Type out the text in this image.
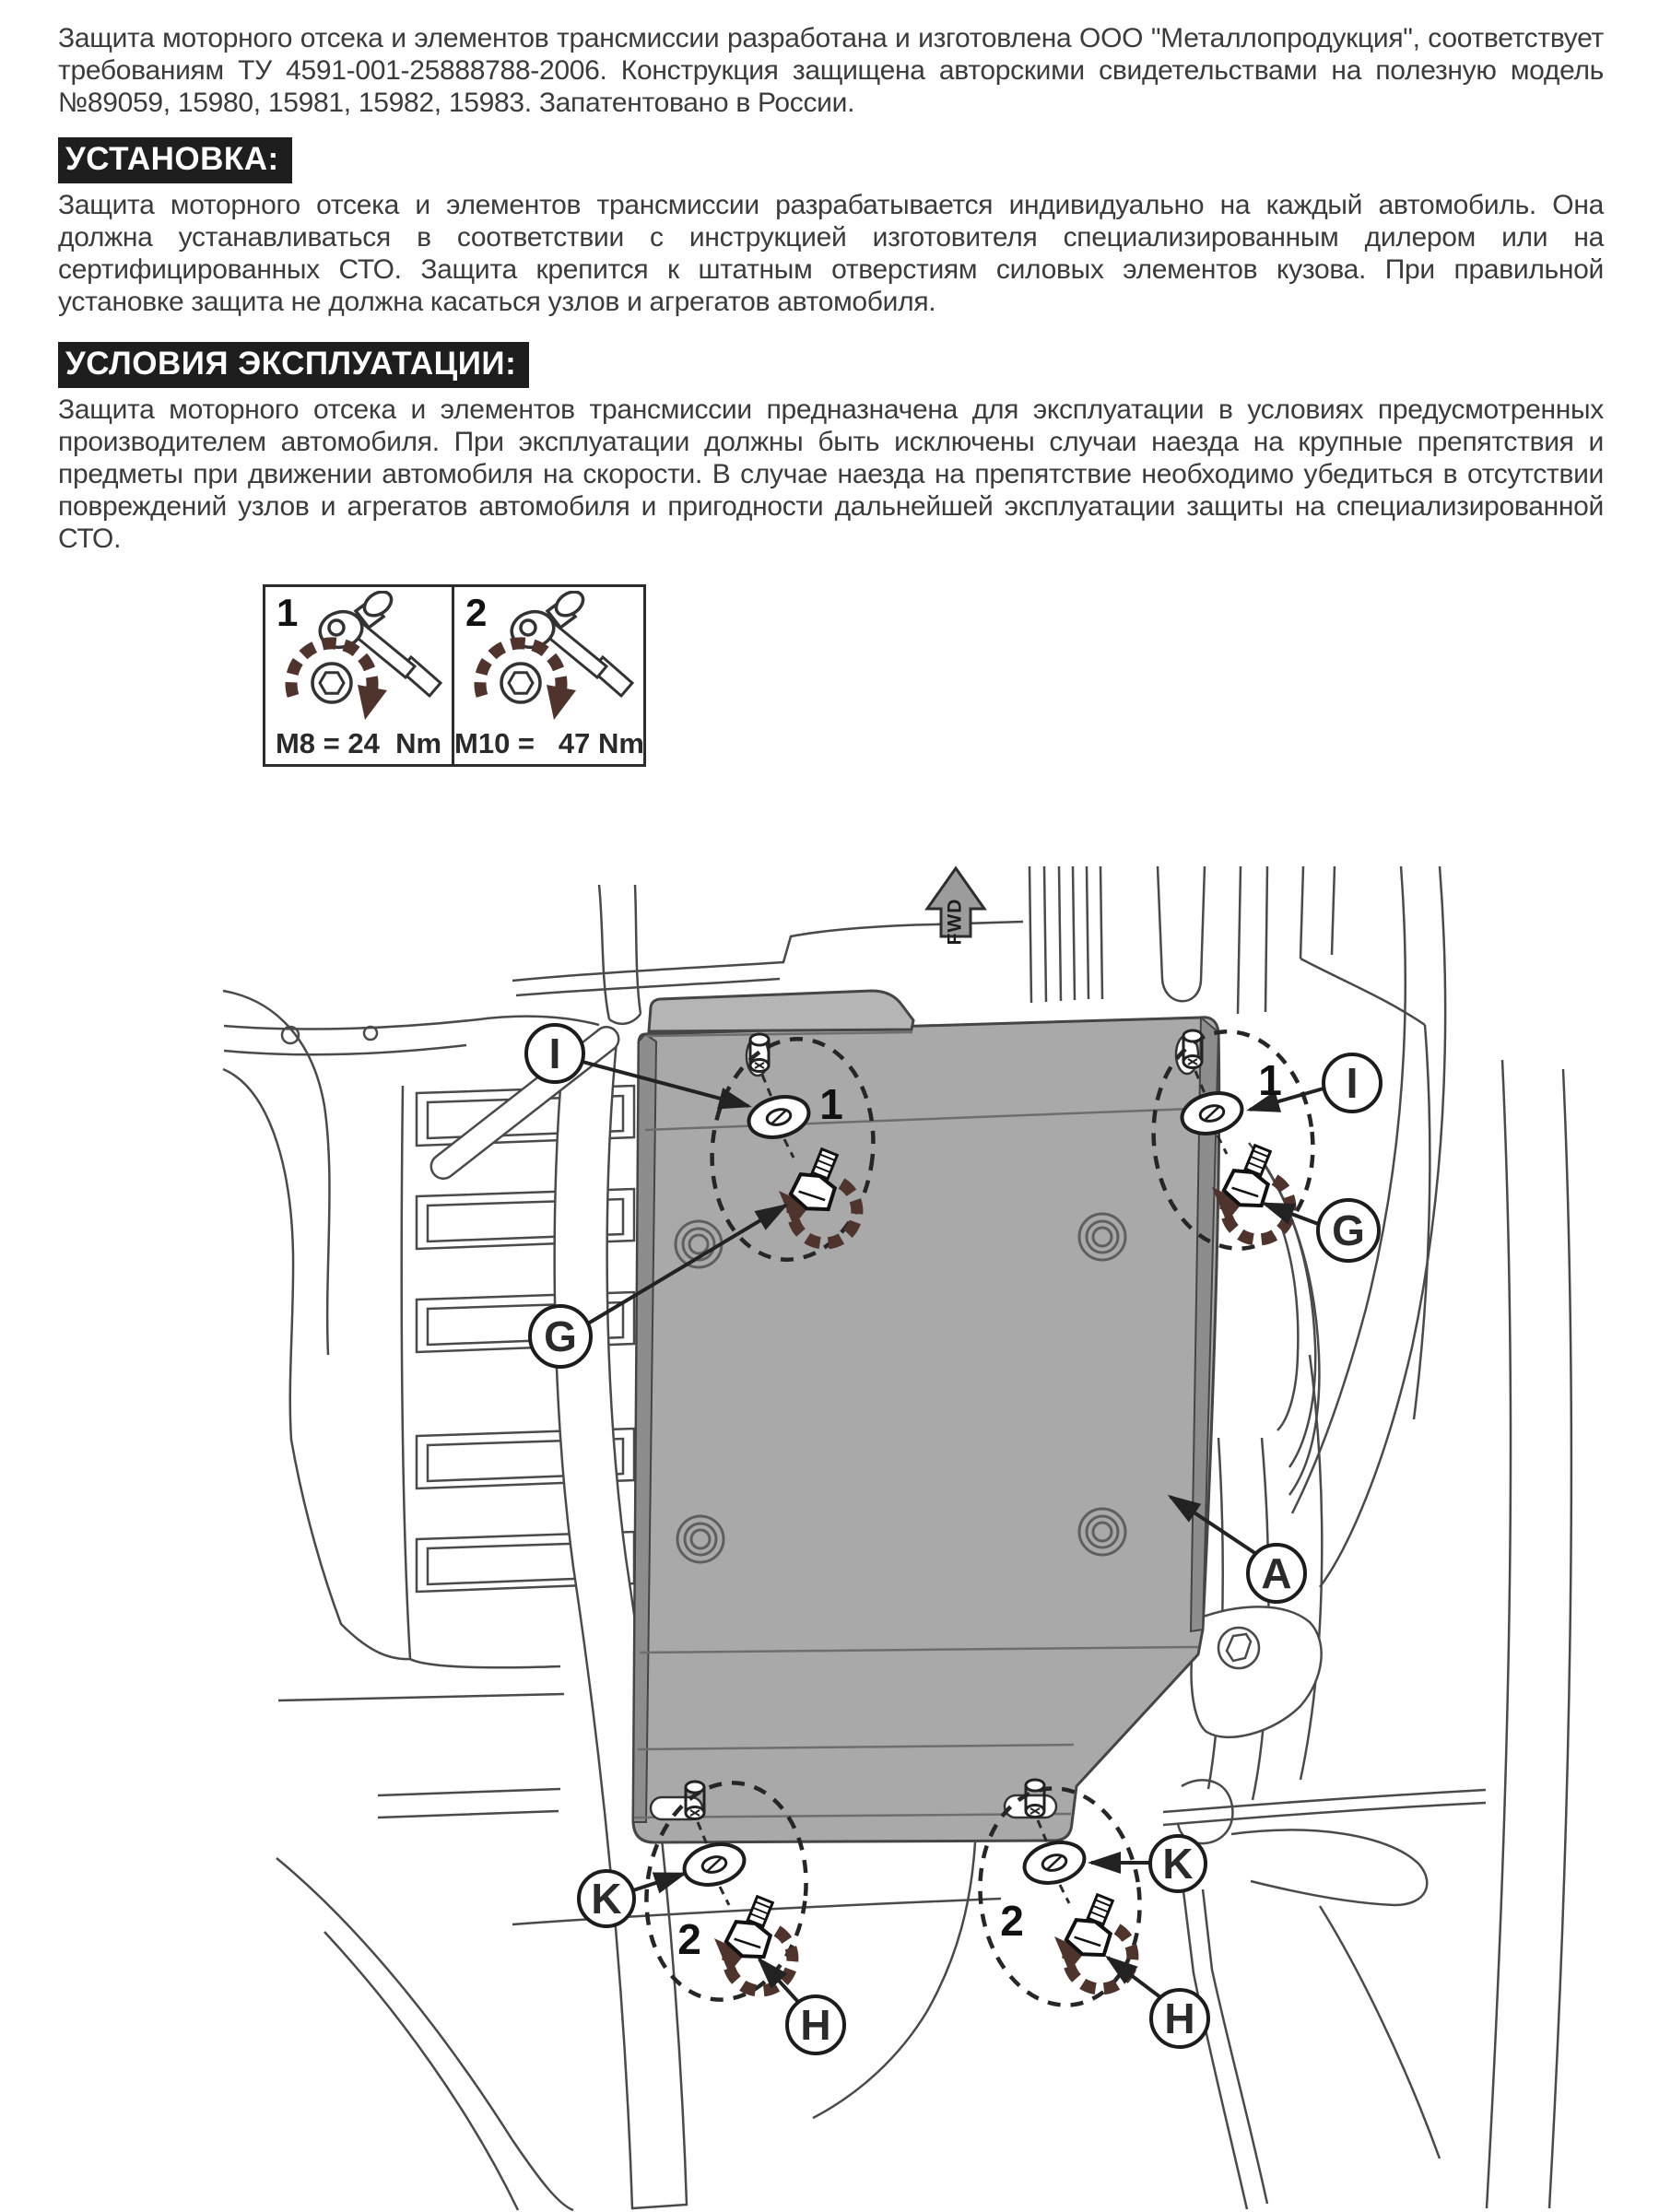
Защита моторного отсека и элементов трансмиссии разработана и изготовлена ООО "Металлопродукция", соответствует требованиям ТУ 4591-001-25888788-2006. Конструкция защищена авторскими свидетельствами на полезную модель №89059, 15980, 15981, 15982, 15983. Запатентовано в России.

УСТАНОВКА:

Защита моторного отсека и элементов трансмиссии разрабатывается индивидуально на каждый автомобиль. Она должна устанавливаться в соответствии с инструкцией изготовителя специализированным дилером или на сертифицированных СТО. Защита крепится к штатным отверстиям силовых элементов кузова. При правильной установке защита не должна касаться узлов и агрегатов автомобиля.

УСЛОВИЯ ЭКСПЛУАТАЦИИ:

Защита моторного отсека и элементов трансмиссии предназначена для эксплуатации в условиях предусмотренных производителем автомобиля. При эксплуатации должны быть исключены случаи наезда на крупные препятствия и предметы при движении автомобиля на скорости. В случае наезда на препятствие необходимо убедиться в отсутствии повреждений узлов и агрегатов автомобиля и пригодности дальнейшей эксплуатации защиты на специализированной СТО.

1
M8 = 24  Nm
2
M10 =   47 Nm
I
I
G
G
A
K
K
H	H
1	1
2	2
FWD
